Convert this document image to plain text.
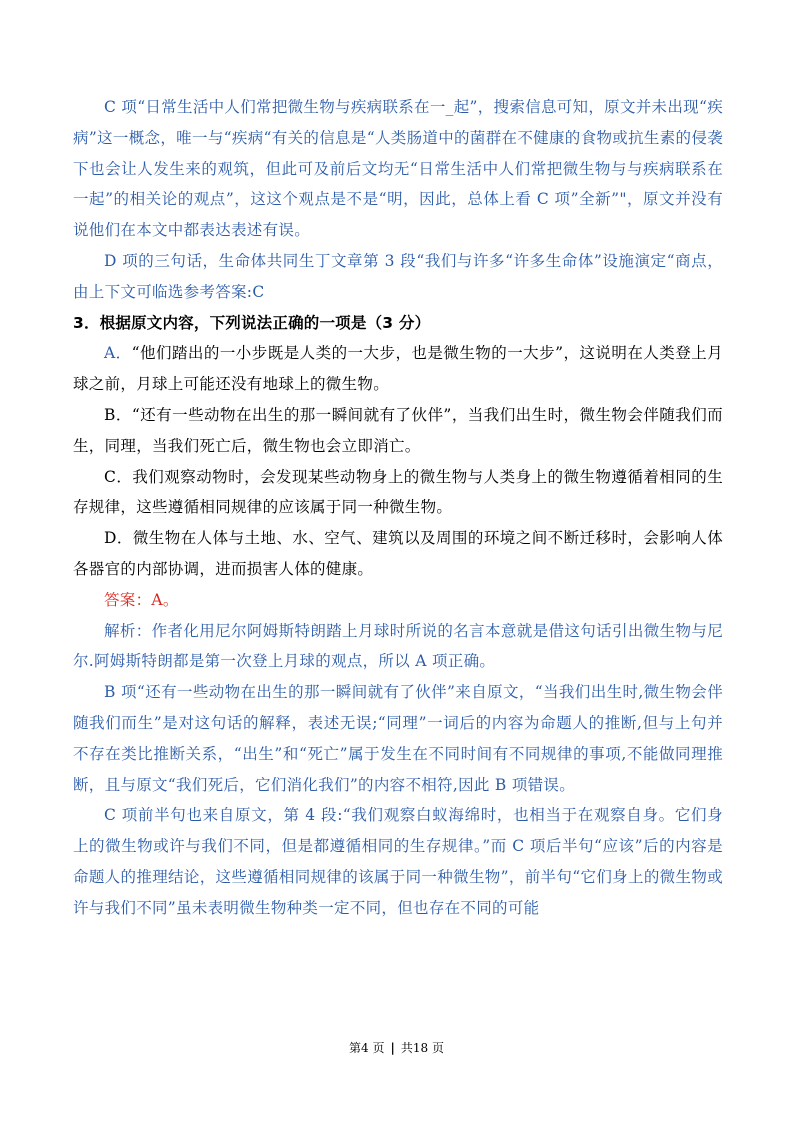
C 项“日常生活中人们常把微生物与疾病联系在一_起”，搜索信息可知，原文并未出现“疾病”这一概念，唯一与“疾病“有关的信息是“人类肠道中的菌群在不健康的食物或抗生素的侵袭下也会让人发生来的观筑，但此可及前后文均无“日常生活中人们常把微生物与与疾病联系在一起”的相关论的观点”，这这个观点是不是“明，因此，总体上看 C 项”全新”"，原文并没有说他们在本文中都表达表述有误。

D 项的三句话，生命体共同生丁文章第 3 段“我们与许多“许多生命体”设施演定“商点，由上下文可临选参考答案:C

3．根据原文内容，下列说法正确的一项是（3 分）

A．“他们踏出的一小步既是人类的一大步，也是微生物的一大步”，这说明在人类登上月球之前，月球上可能还没有地球上的微生物。

B．“还有一些动物在出生的那一瞬间就有了伙伴”，当我们出生时，微生物会伴随我们而生，同理，当我们死亡后，微生物也会立即消亡。

C．我们观察动物时，会发现某些动物身上的微生物与人类身上的微生物遵循着相同的生存规律，这些遵循相同规律的应该属于同一种微生物。

D．微生物在人体与土地、水、空气、建筑以及周围的环境之间不断迁移时，会影响人体各器官的内部协调，进而损害人体的健康。

答案：A。

解析：作者化用尼尔阿姆斯特朗踏上月球时所说的名言本意就是借这句话引出微生物与尼尔.阿姆斯特朗都是第一次登上月球的观点，所以 A 项正确。

B 项“还有一些动物在出生的那一瞬间就有了伙伴”来自原文，“当我们出生时,微生物会伴随我们而生”是对这句话的解释，表述无误;“同理”一词后的内容为命题人的推断,但与上句并不存在类比推断关系，“出生”和“死亡”属于发生在不同时间有不同规律的事项,不能做同理推断，且与原文“我们死后，它们消化我们”的内容不相符,因此 B 项错误。

C 项前半句也来自原文，第 4 段:“我们观察白蚁海绵时，也相当于在观察自身。它们身上的微生物或许与我们不同，但是都遵循相同的生存规律。”而 C 项后半句“应该”后的内容是命题人的推理结论，这些遵循相同规律的该属于同一种微生物”，前半句“它们身上的微生物或许与我们不同”虽未表明微生物种类一定不同，但也存在不同的可能

第4 页 | 共18 页
